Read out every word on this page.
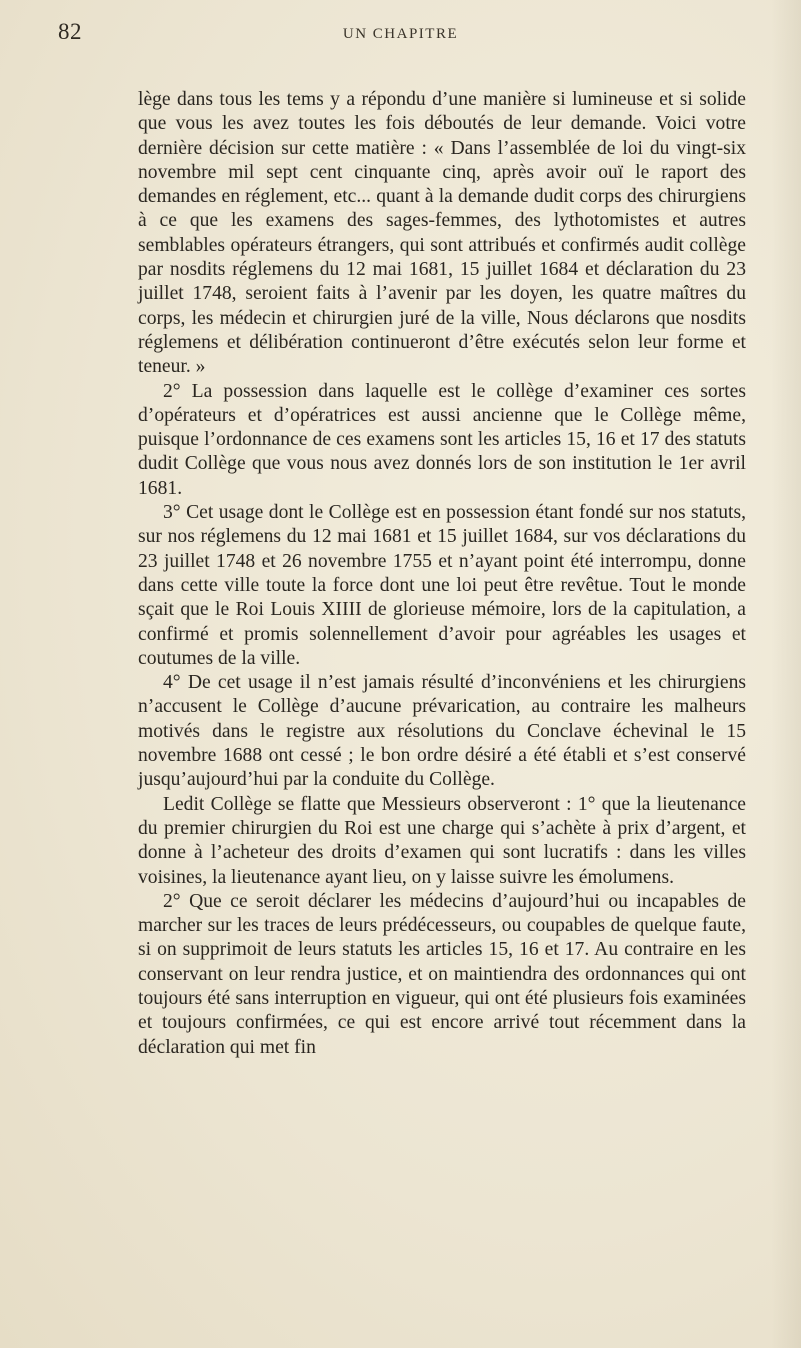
82	UN CHAPITRE

lège dans tous les tems y a répondu d’une manière si lumineuse et si solide que vous les avez toutes les fois déboutés de leur demande. Voici votre dernière décision sur cette matière : « Dans l’assemblée de loi du vingt-six novembre mil sept cent cinquante cinq, après avoir ouï le raport des demandes en réglement, etc... quant à la demande dudit corps des chirurgiens à ce que les examens des sages-femmes, des lythotomistes et autres semblables opérateurs étrangers, qui sont attribués et confirmés audit collège par nosdits réglemens du 12 mai 1681, 15 juillet 1684 et déclaration du 23 juillet 1748, seroient faits à l’avenir par les doyen, les quatre maîtres du corps, les médecin et chirurgien juré de la ville, Nous déclarons que nosdits réglemens et délibération continueront d’être exécutés selon leur forme et teneur. »

2° La possession dans laquelle est le collège d’examiner ces sortes d’opérateurs et d’opératrices est aussi ancienne que le Collège même, puisque l’ordonnance de ces examens sont les articles 15, 16 et 17 des statuts dudit Collège que vous nous avez donnés lors de son institution le 1er avril 1681.

3° Cet usage dont le Collège est en possession étant fondé sur nos statuts, sur nos réglemens du 12 mai 1681 et 15 juillet 1684, sur vos déclarations du 23 juillet 1748 et 26 novembre 1755 et n’ayant point été interrompu, donne dans cette ville toute la force dont une loi peut être revêtue. Tout le monde sçait que le Roi Louis XIIII de glorieuse mémoire, lors de la capitulation, a confirmé et promis solennellement d’avoir pour agréables les usages et coutumes de la ville.

4° De cet usage il n’est jamais résulté d’inconvéniens et les chirurgiens n’accusent le Collège d’aucune prévarication, au contraire les malheurs motivés dans le registre aux résolutions du Conclave échevinal le 15 novembre 1688 ont cessé ; le bon ordre désiré a été établi et s’est conservé jusqu’aujourd’hui par la conduite du Collège.

Ledit Collège se flatte que Messieurs observeront : 1° que la lieutenance du premier chirurgien du Roi est une charge qui s’achète à prix d’argent, et donne à l’acheteur des droits d’examen qui sont lucratifs : dans les villes voisines, la lieutenance ayant lieu, on y laisse suivre les émolumens.

2° Que ce seroit déclarer les médecins d’aujourd’hui ou incapables de marcher sur les traces de leurs prédécesseurs, ou coupables de quelque faute, si on supprimoit de leurs statuts les articles 15, 16 et 17. Au contraire en les conservant on leur rendra justice, et on maintiendra des ordonnances qui ont toujours été sans interruption en vigueur, qui ont été plusieurs fois examinées et toujours confirmées, ce qui est encore arrivé tout récemment dans la déclaration qui met fin
